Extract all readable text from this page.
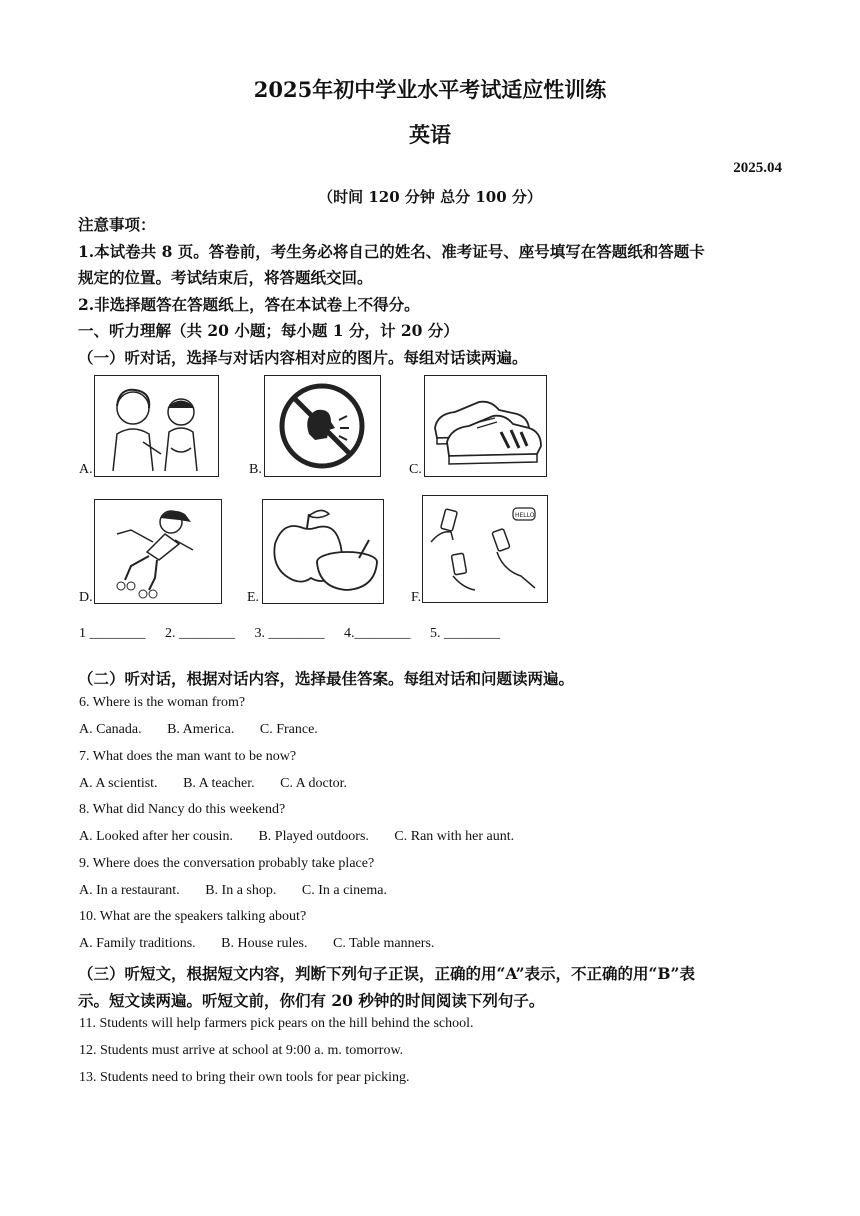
2025年初中学业水平考试适应性训练
英语
2025.04
（时间 120 分钟 总分 100 分）
注意事项：
1.本试卷共 8 页。答卷前，考生务必将自己的姓名、准考证号、座号填写在答题纸和答题卡
规定的位置。考试结束后，将答题纸交回。
2.非选择题答在答题纸上，答在本试卷上不得分。
一、听力理解（共 20 小题；每小题 1 分，计 20 分）
（一）听对话，选择与对话内容相对应的图片。每组对话读两遍。
A.	B.	C.
D.	E.	F.
HELLO
1 ________ 2. ________ 3. ________ 4.________ 5. ________
（二）听对话，根据对话内容，选择最佳答案。每组对话和问题读两遍。
6. Where is the woman from?
A. Canada. B. America. C. France.
7. What does the man want to be now?
A. A scientist. B. A teacher. C. A doctor.
8. What did Nancy do this weekend?
A. Looked after her cousin. B. Played outdoors. C. Ran with her aunt.
9. Where does the conversation probably take place?
A. In a restaurant. B. In a shop. C. In a cinema.
10. What are the speakers talking about?
A. Family traditions. B. House rules. C. Table manners.
（三）听短文，根据短文内容，判断下列句子正误，正确的用“A”表示，不正确的用“B”表
示。短文读两遍。听短文前，你们有 20 秒钟的时间阅读下列句子。
11. Students will help farmers pick pears on the hill behind the school.
12. Students must arrive at school at 9:00 a. m. tomorrow.
13. Students need to bring their own tools for pear picking.
